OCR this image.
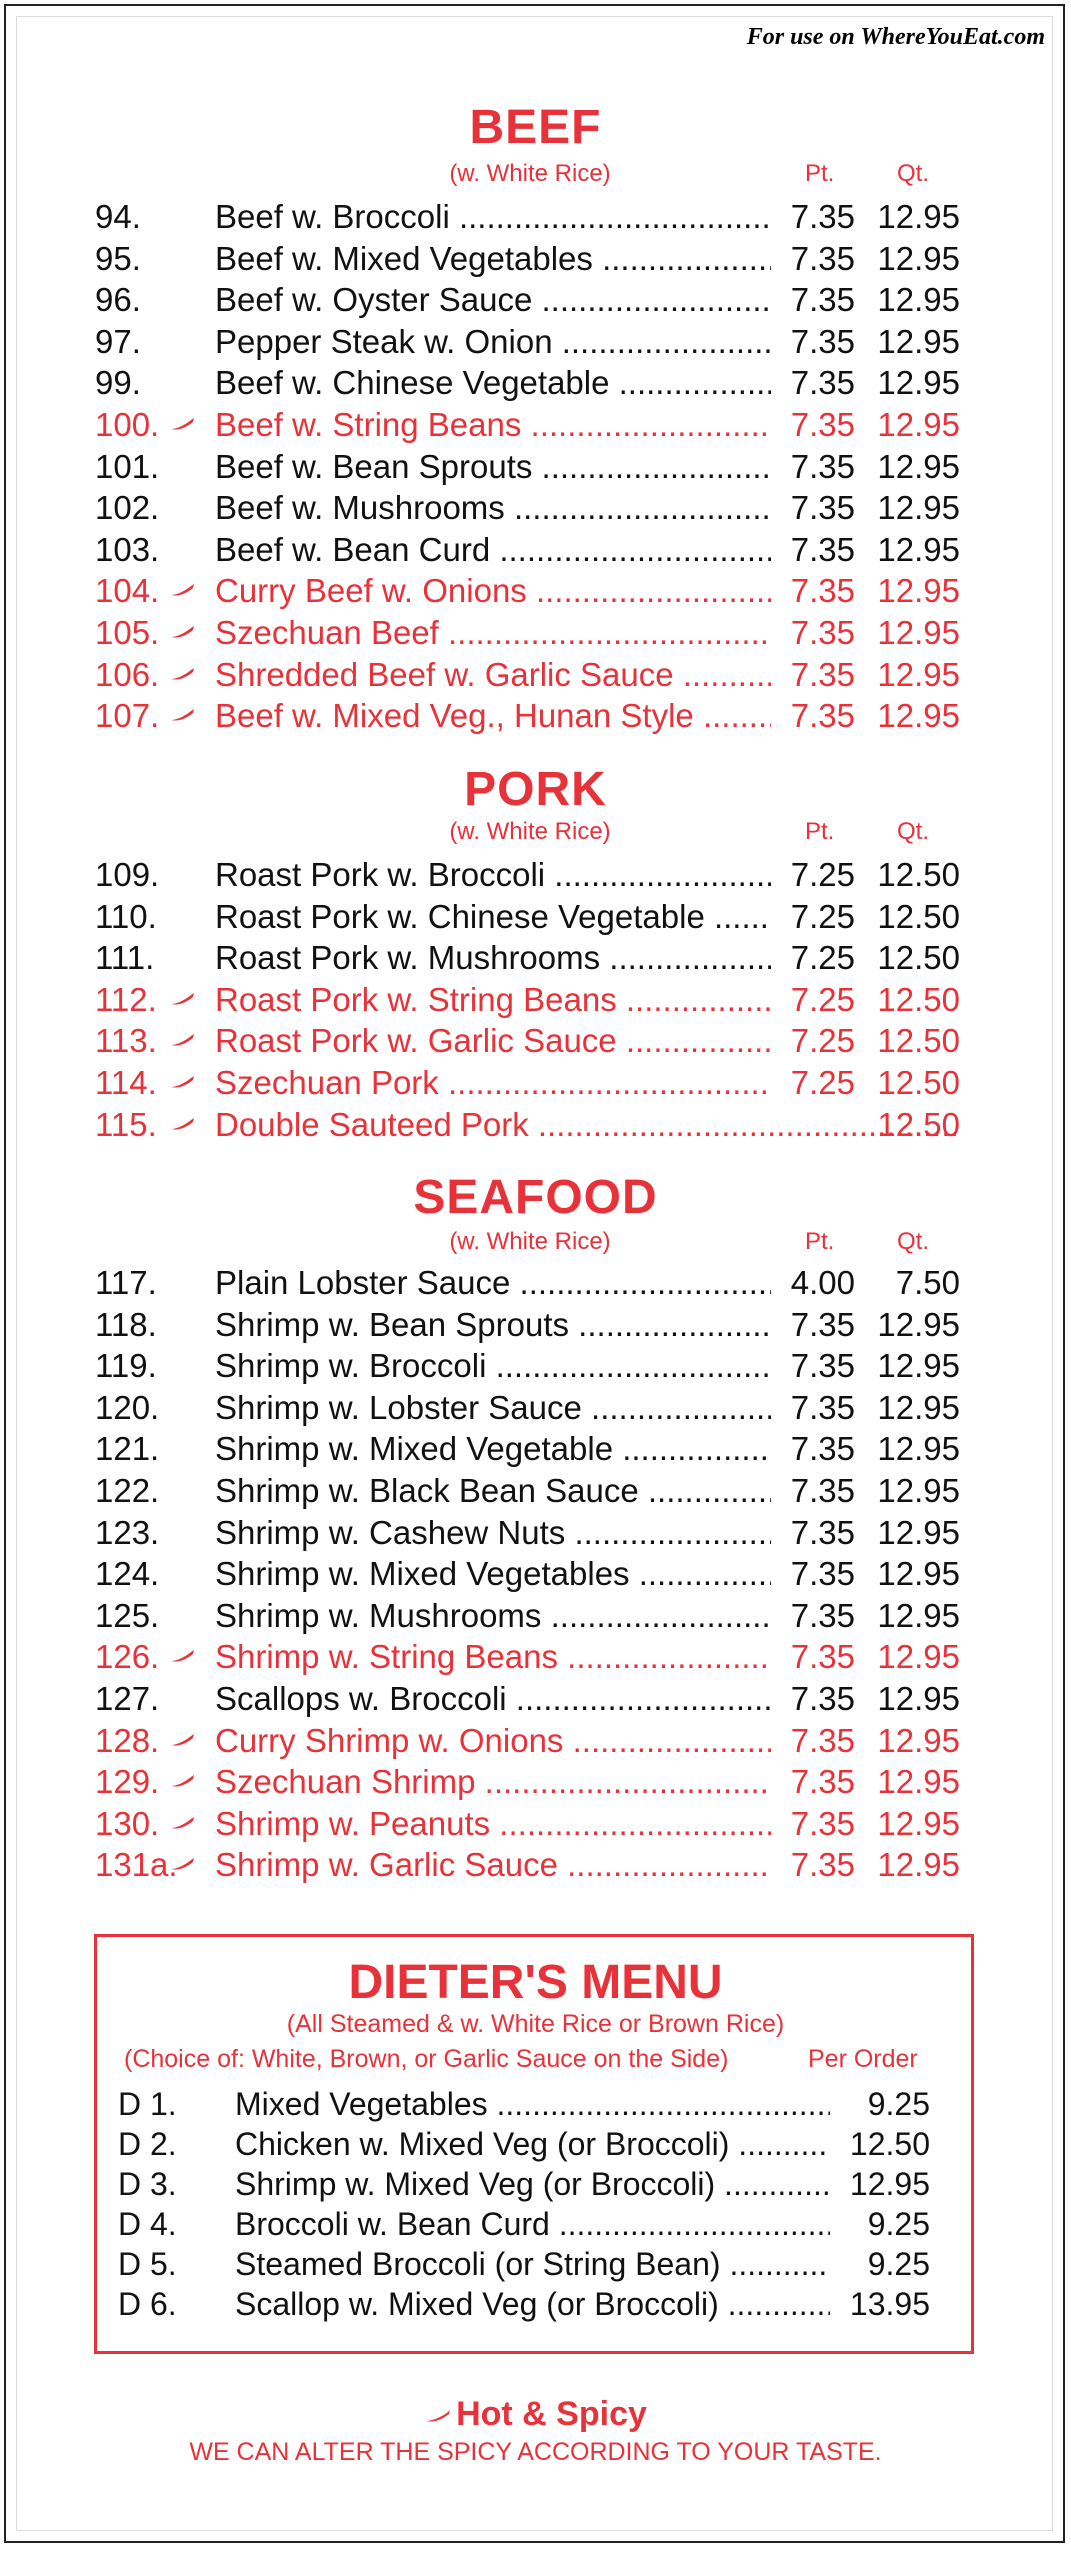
For use on WhereYouEat.com
BEEF
(w. White Rice)	Pt.	Qt.
94.	Beef w. Broccoli .....	7.35 12.95
95.	Beef w. Mixed Vegetables .....	7.35 12.95
96.	Beef w. Oyster Sauce .....	7.35 12.95
97.	Pepper Steak w. Onion .....	7.35 12.95
99.	Beef w. Chinese Vegetable .....	7.35 12.95
100.	Beef w. String Beans .....	7.35 12.95
101.	Beef w. Bean Sprouts .....	7.35 12.95
102.	Beef w. Mushrooms .....	7.35 12.95
103.	Beef w. Bean Curd .....	7.35 12.95
104.	Curry Beef w. Onions .....	7.35 12.95
105.	Szechuan Beef .....	7.35 12.95
106.	Shredded Beef w. Garlic Sauce .....	7.35 12.95
107.	Beef w. Mixed Veg., Hunan Style .....	7.35 12.95
PORK
(w. White Rice)	Pt.	Qt.
109.	Roast Pork w. Broccoli .....	7.25 12.50
110.	Roast Pork w. Chinese Vegetable .....	7.25 12.50
111.	Roast Pork w. Mushrooms .....	7.25 12.50
112.	Roast Pork w. String Beans .....	7.25 12.50
113.	Roast Pork w. Garlic Sauce .....	7.25 12.50
114.	Szechuan Pork .....	7.25 12.50
115.	Double Sauteed Pork .....	12.50
SEAFOOD
(w. White Rice)	Pt.	Qt.
117.	Plain Lobster Sauce .....	4.00	7.50
118.	Shrimp w. Bean Sprouts .....	7.35 12.95
119.	Shrimp w. Broccoli .....	7.35 12.95
120.	Shrimp w. Lobster Sauce .....	7.35 12.95
121.	Shrimp w. Mixed Vegetable .....	7.35 12.95
122.	Shrimp w. Black Bean Sauce .....	7.35 12.95
123.	Shrimp w. Cashew Nuts .....	7.35 12.95
124.	Shrimp w. Mixed Vegetables .....	7.35 12.95
125.	Shrimp w. Mushrooms .....	7.35 12.95
126.	Shrimp w. String Beans .....	7.35 12.95
127.	Scallops w. Broccoli .....	7.35 12.95
128.	Curry Shrimp w. Onions .....	7.35 12.95
129.	Szechuan Shrimp .....	7.35 12.95
130.	Shrimp w. Peanuts .....	7.35 12.95
131a.	Shrimp w. Garlic Sauce .....	7.35 12.95
DIETER'S MENU
(All Steamed & w. White Rice or Brown Rice)
(Choice of: White, Brown, or Garlic Sauce on the Side)	Per Order
D 1. Mixed Vegetables .....	9.25
D 2. Chicken w. Mixed Veg (or Broccoli) .....	12.50
D 3. Shrimp w. Mixed Veg (or Broccoli) .....	12.95
D 4. Broccoli w. Bean Curd .....	9.25
D 5. Steamed Broccoli (or String Bean) .....	9.25
D 6. Scallop w. Mixed Veg (or Broccoli) .....	13.95
Hot & Spicy
WE CAN ALTER THE SPICY ACCORDING TO YOUR TASTE.
